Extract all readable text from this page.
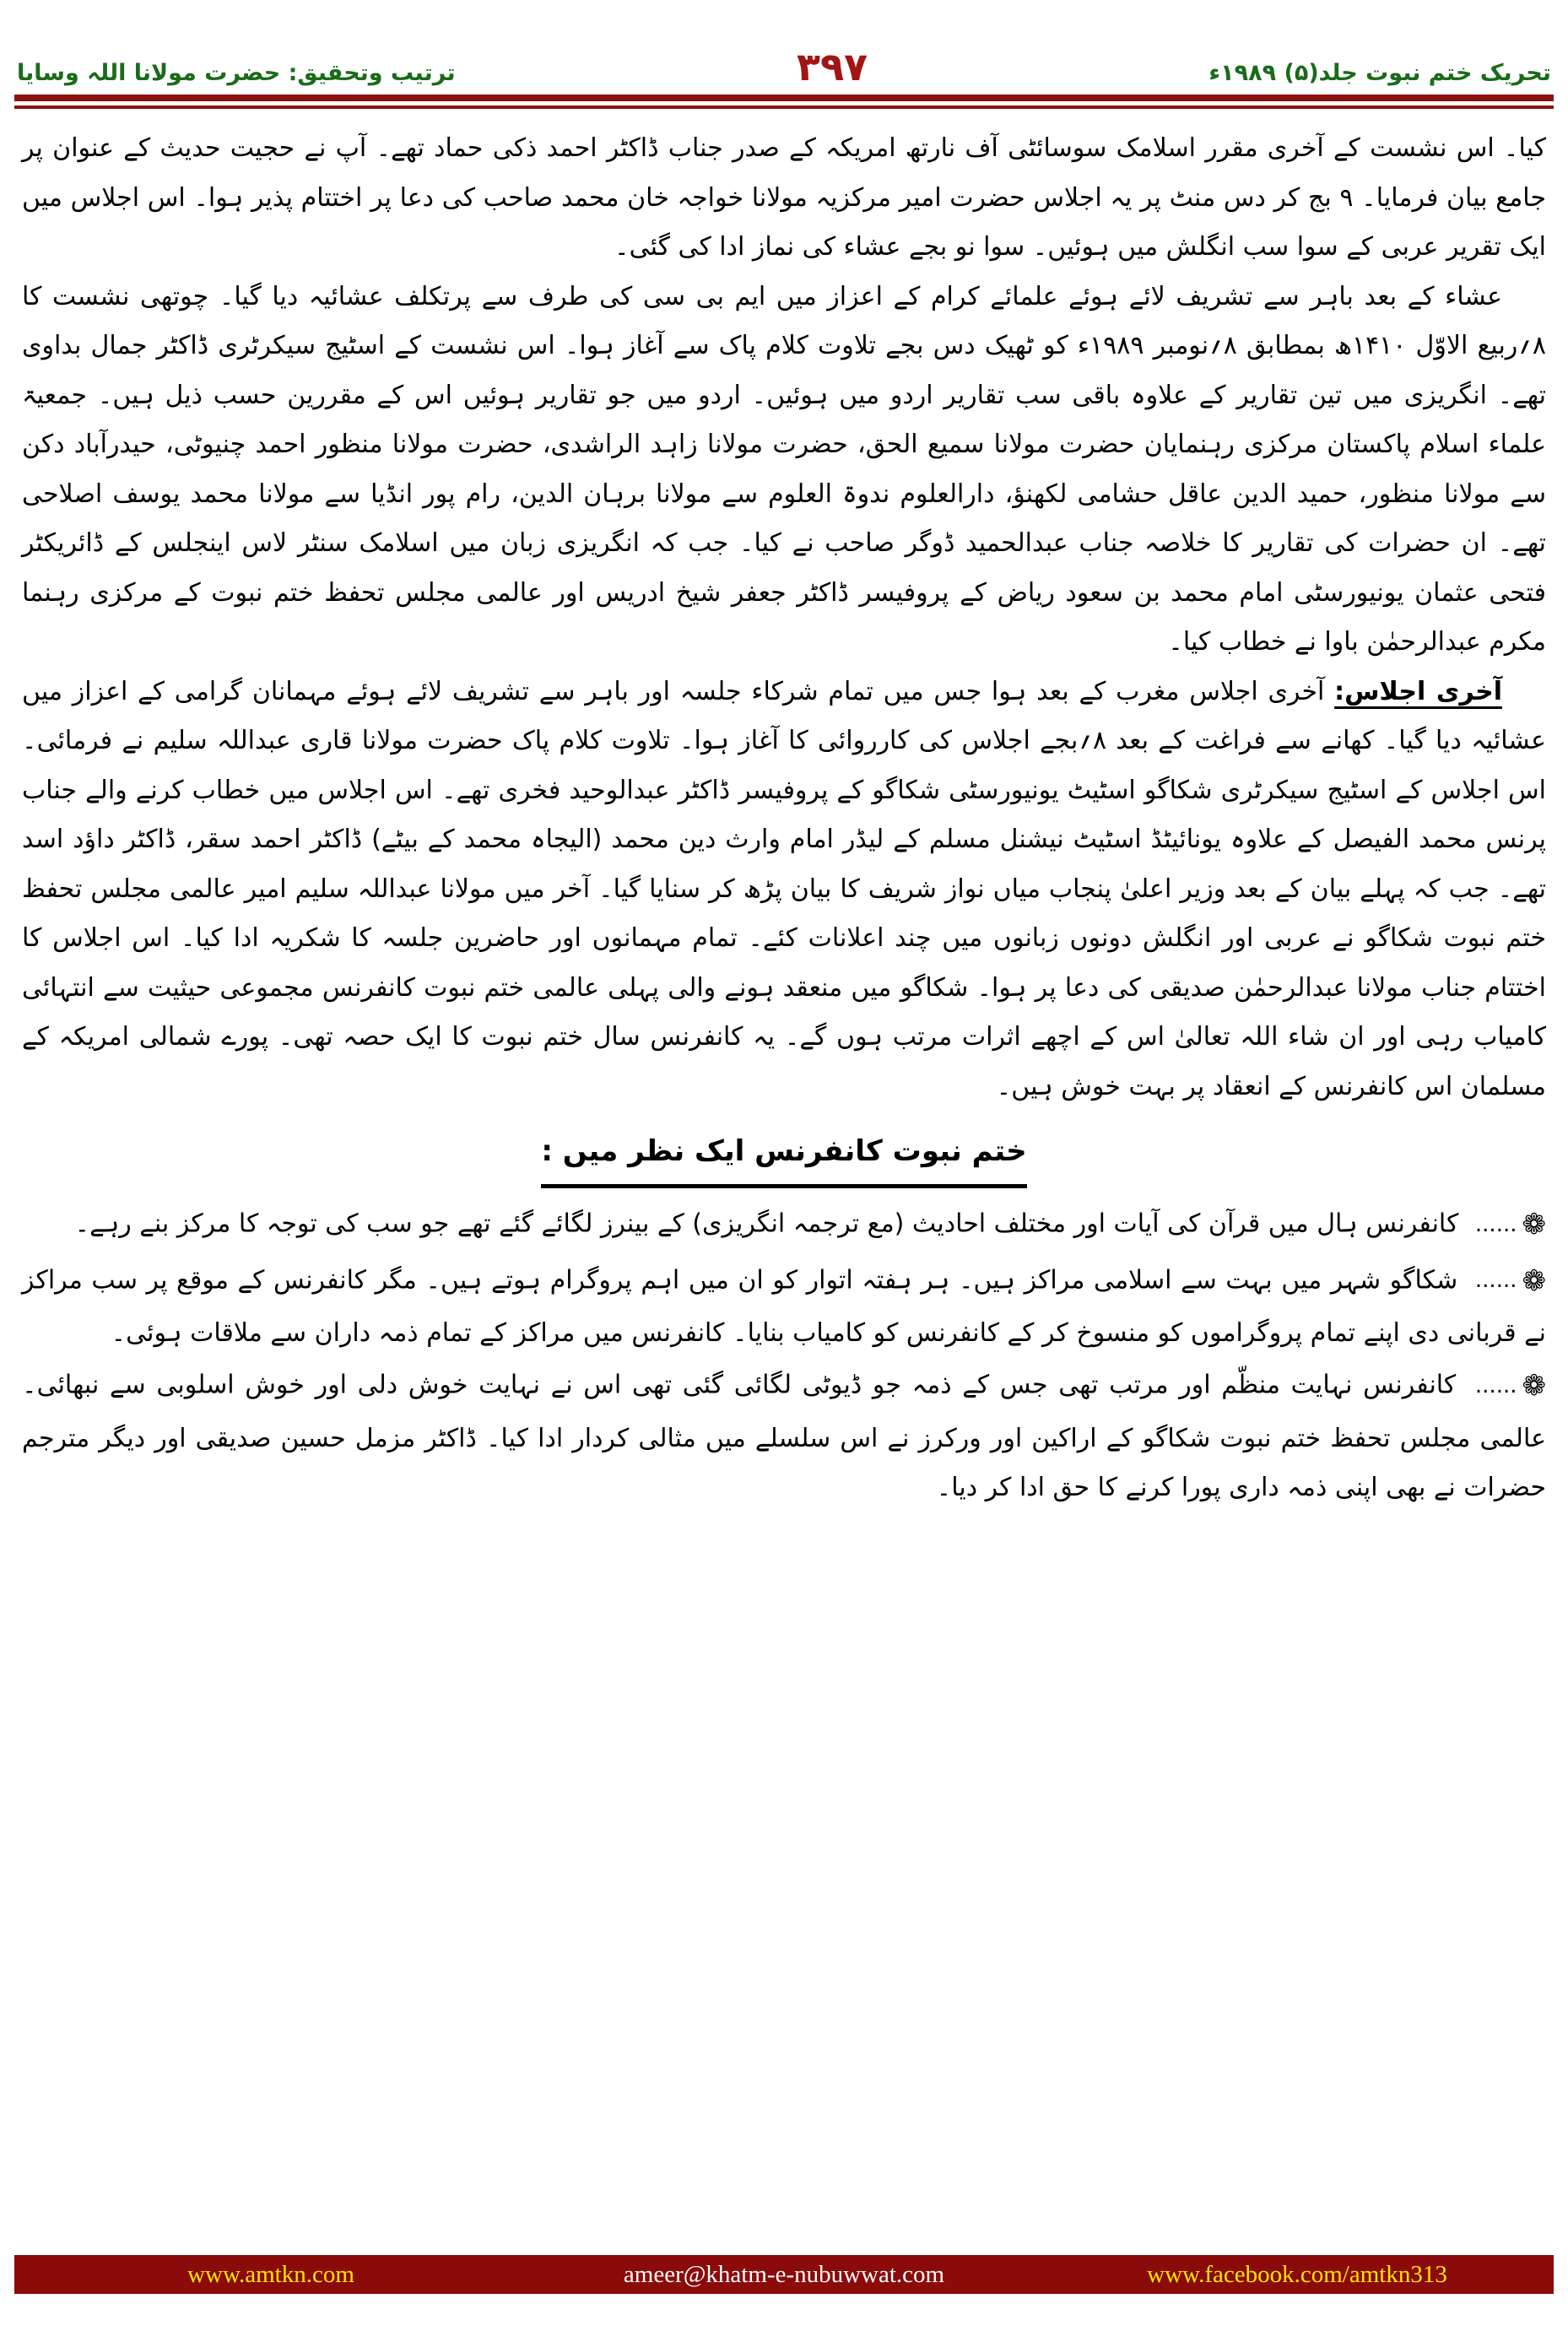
تحریک ختم نبوت جلد(۵) ۱۹۸۹ء
۳۹۷
ترتیب وتحقیق: حضرت مولانا اللہ وسایا

کیا۔ اس نشست کے آخری مقرر اسلامک سوسائٹی آف نارتھ امریکہ کے صدر جناب ڈاکٹر احمد ذکی حماد تھے۔ آپ نے حجیت حدیث کے عنوان پر جامع بیان فرمایا۔ ۹ بج کر دس منٹ پر یہ اجلاس حضرت امیر مرکزیہ مولانا خواجہ خان محمد صاحب کی دعا پر اختتام پذیر ہوا۔ اس اجلاس میں ایک تقریر عربی کے سوا سب انگلش میں ہوئیں۔ سوا نو بجے عشاء کی نماز ادا کی گئی۔

عشاء کے بعد باہر سے تشریف لائے ہوئے علمائے کرام کے اعزاز میں ایم بی سی کی طرف سے پرتکلف عشائیہ دیا گیا۔ چوتھی نشست کا ۸؍ربیع الاوّل ۱۴۱۰ھ بمطابق ۸؍نومبر ۱۹۸۹ء کو ٹھیک دس بجے تلاوت کلام پاک سے آغاز ہوا۔ اس نشست کے اسٹیج سیکرٹری ڈاکٹر جمال بداوی تھے۔ انگریزی میں تین تقاریر کے علاوہ باقی سب تقاریر اردو میں ہوئیں۔ اردو میں جو تقاریر ہوئیں اس کے مقررین حسب ذیل ہیں۔ جمعیۃ علماء اسلام پاکستان مرکزی رہنمایان حضرت مولانا سمیع الحق، حضرت مولانا زاہد الراشدی، حضرت مولانا منظور احمد چنیوٹی، حیدرآباد دکن سے مولانا منظور، حمید الدین عاقل حشامی لکھنؤ، دارالعلوم ندوۃ العلوم سے مولانا برہان الدین، رام پور انڈیا سے مولانا محمد یوسف اصلاحی تھے۔ ان حضرات کی تقاریر کا خلاصہ جناب عبدالحمید ڈوگر صاحب نے کیا۔ جب کہ انگریزی زبان میں اسلامک سنٹر لاس اینجلس کے ڈائریکٹر فتحی عثمان یونیورسٹی امام محمد بن سعود ریاض کے پروفیسر ڈاکٹر جعفر شیخ ادریس اور عالمی مجلس تحفظ ختم نبوت کے مرکزی رہنما مکرم عبدالرحمٰن باوا نے خطاب کیا۔

آخری اجلاس: آخری اجلاس مغرب کے بعد ہوا جس میں تمام شرکاء جلسہ اور باہر سے تشریف لائے ہوئے مہمانان گرامی کے اعزاز میں عشائیہ دیا گیا۔ کھانے سے فراغت کے بعد ۸؍بجے اجلاس کی کارروائی کا آغاز ہوا۔ تلاوت کلام پاک حضرت مولانا قاری عبداللہ سلیم نے فرمائی۔ اس اجلاس کے اسٹیج سیکرٹری شکاگو اسٹیٹ یونیورسٹی شکاگو کے پروفیسر ڈاکٹر عبدالوحید فخری تھے۔ اس اجلاس میں خطاب کرنے والے جناب پرنس محمد الفیصل کے علاوہ یونائیٹڈ اسٹیٹ نیشنل مسلم کے لیڈر امام وارث دین محمد (الیجاہ محمد کے بیٹے) ڈاکٹر احمد سقر، ڈاکٹر داؤد اسد تھے۔ جب کہ پہلے بیان کے بعد وزیر اعلیٰ پنجاب میاں نواز شریف کا بیان پڑھ کر سنایا گیا۔ آخر میں مولانا عبداللہ سلیم امیر عالمی مجلس تحفظ ختم نبوت شکاگو نے عربی اور انگلش دونوں زبانوں میں چند اعلانات کئے۔ تمام مہمانوں اور حاضرین جلسہ کا شکریہ ادا کیا۔ اس اجلاس کا اختتام جناب مولانا عبدالرحمٰن صدیقی کی دعا پر ہوا۔ شکاگو میں منعقد ہونے والی پہلی عالمی ختم نبوت کانفرنس مجموعی حیثیت سے انتہائی کامیاب رہی اور ان شاء اللہ تعالیٰ اس کے اچھے اثرات مرتب ہوں گے۔ یہ کانفرنس سال ختم نبوت کا ایک حصہ تھی۔ پورے شمالی امریکہ کے مسلمان اس کانفرنس کے انعقاد پر بہت خوش ہیں۔

ختم نبوت کانفرنس ایک نظر میں :

❁...... کانفرنس ہال میں قرآن کی آیات اور مختلف احادیث (مع ترجمہ انگریزی) کے بینرز لگائے گئے تھے جو سب کی توجہ کا مرکز بنے رہے۔

❁...... شکاگو شہر میں بہت سے اسلامی مراکز ہیں۔ ہر ہفتہ اتوار کو ان میں اہم پروگرام ہوتے ہیں۔ مگر کانفرنس کے موقع پر سب مراکز نے قربانی دی اپنے تمام پروگراموں کو منسوخ کر کے کانفرنس کو کامیاب بنایا۔ کانفرنس میں مراکز کے تمام ذمہ داران سے ملاقات ہوئی۔

❁...... کانفرنس نہایت منظّم اور مرتب تھی جس کے ذمہ جو ڈیوٹی لگائی گئی تھی اس نے نہایت خوش دلی اور خوش اسلوبی سے نبھائی۔ عالمی مجلس تحفظ ختم نبوت شکاگو کے اراکین اور ورکرز نے اس سلسلے میں مثالی کردار ادا کیا۔ ڈاکٹر مزمل حسین صدیقی اور دیگر مترجم حضرات نے بھی اپنی ذمہ داری پورا کرنے کا حق ادا کر دیا۔

www.amtkn.com	ameer@khatm-e-nubuwwat.com	www.facebook.com/amtkn313
